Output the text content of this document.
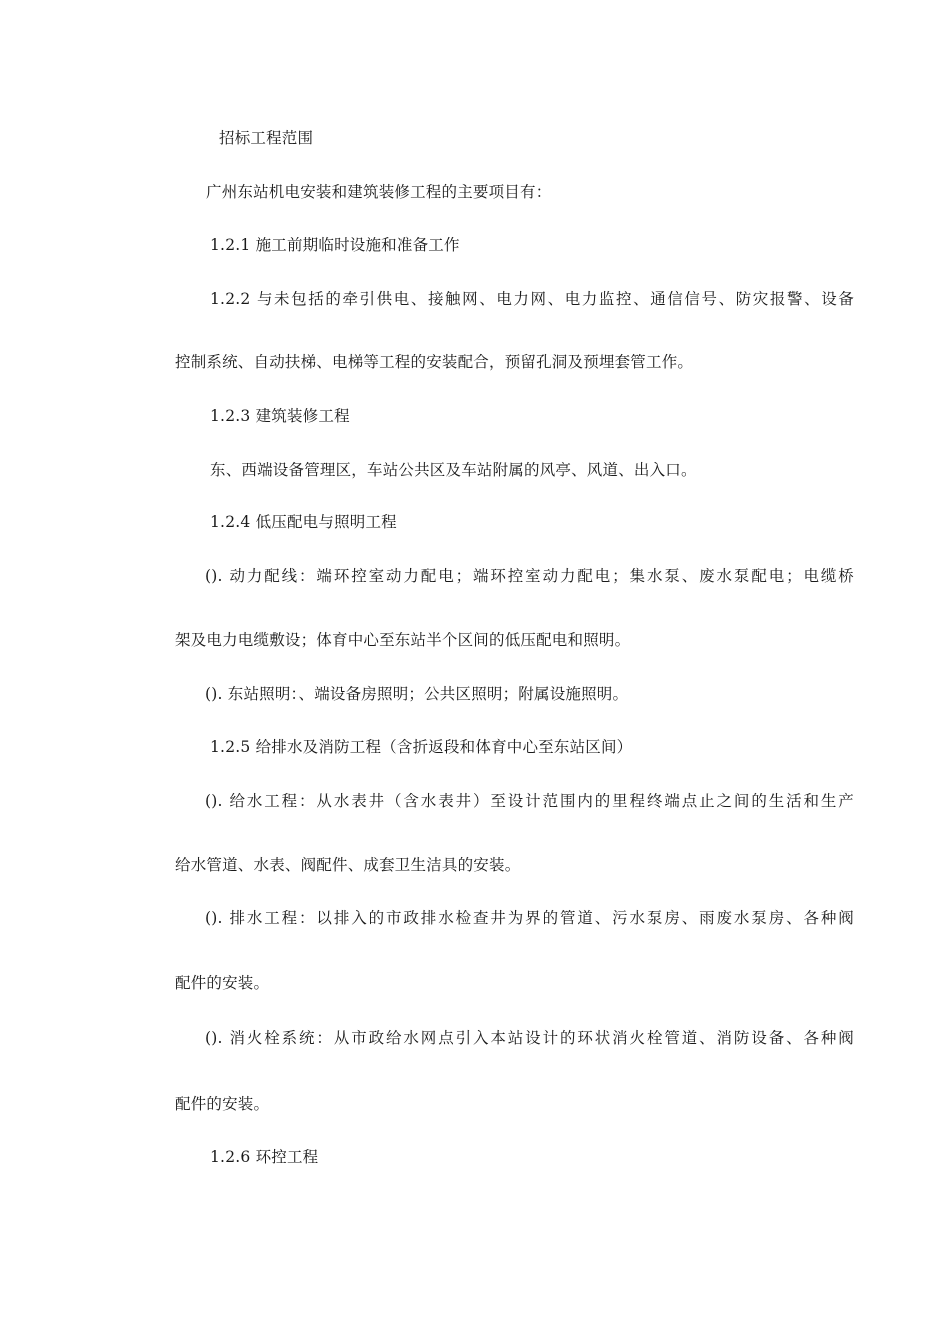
招标工程范围
广州东站机电安装和建筑装修工程的主要项目有：
1.2.1 施工前期临时设施和准备工作
1.2.2 与未包括的牵引供电、接触网、电力网、电力监控、通信信号、防灾报警、设备
控制系统、自动扶梯、电梯等工程的安装配合，预留孔洞及预埋套管工作。
1.2.3 建筑装修工程
东、西端设备管理区，车站公共区及车站附属的风亭、风道、出入口。
1.2.4 低压配电与照明工程
(). 动力配线：端环控室动力配电；端环控室动力配电；集水泵、废水泵配电；电缆桥
架及电力电缆敷设；体育中心至东站半个区间的低压配电和照明。
(). 东站照明：、端设备房照明；公共区照明；附属设施照明。
1.2.5 给排水及消防工程（含折返段和体育中心至东站区间）
(). 给水工程：从水表井（含水表井）至设计范围内的里程终端点止之间的生活和生产
给水管道、水表、阀配件、成套卫生洁具的安装。
(). 排水工程：以排入的市政排水检查井为界的管道、污水泵房、雨废水泵房、各种阀
配件的安装。
(). 消火栓系统：从市政给水网点引入本站设计的环状消火栓管道、消防设备、各种阀
配件的安装。
1.2.6 环控工程
